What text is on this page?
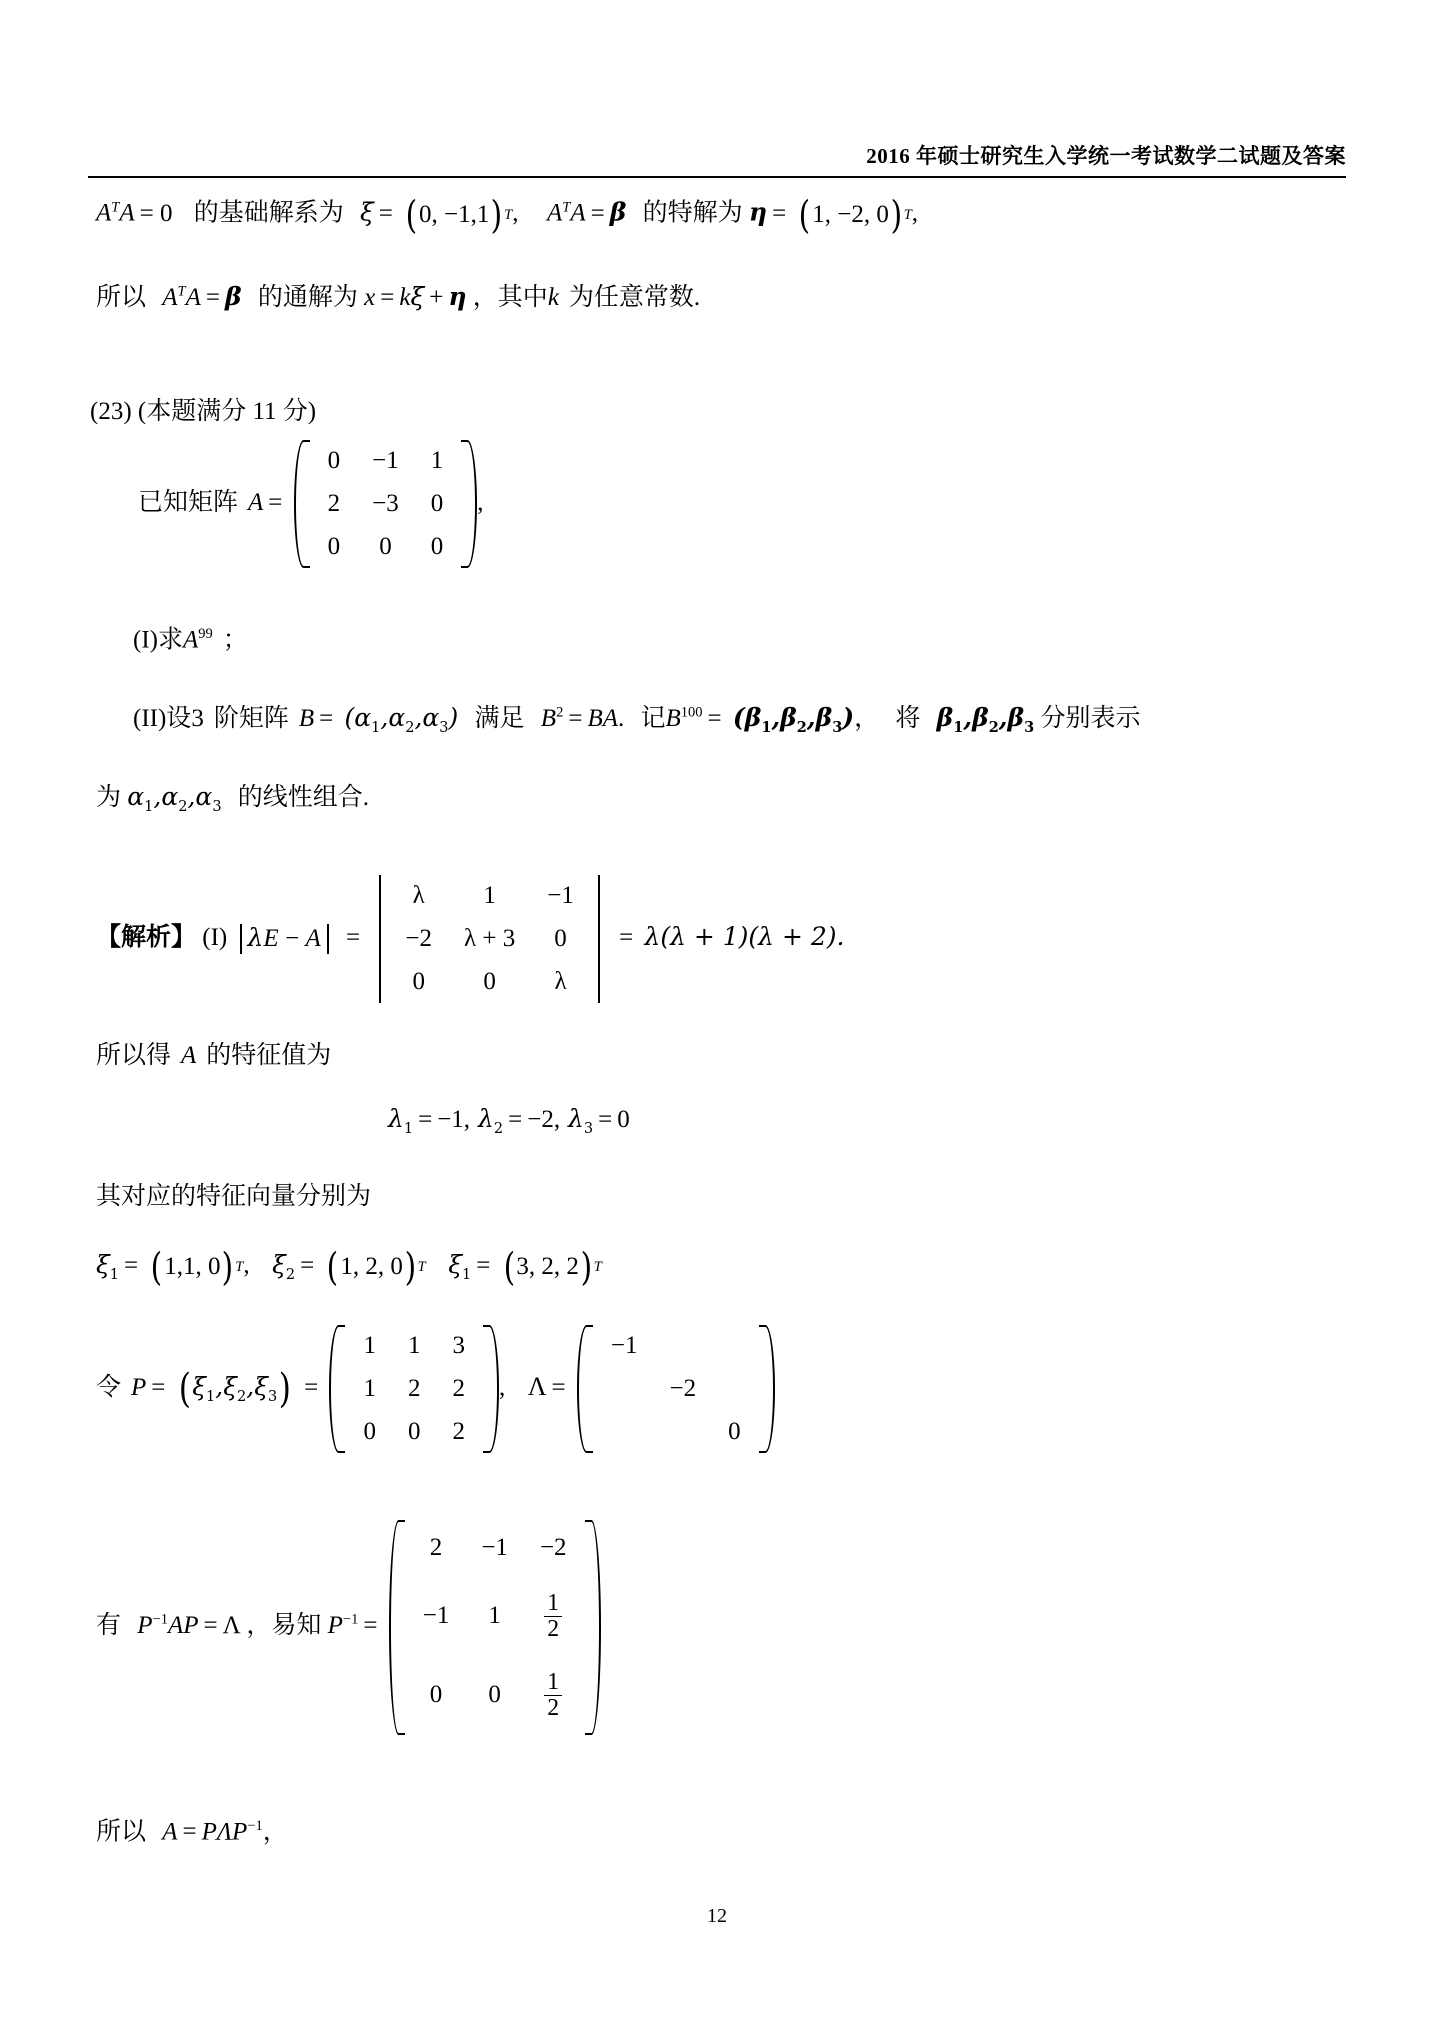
2016 年硕士研究生入学统一考试数学二试题及答案
$A^TA = 0$ 的基础解系为 ξ = ( 0, −1,1 ) T , $A^TA = \beta$ 的特解为 η = ( 1, −2, 0 ) T ,
所以 $A^TA = \beta$ 的通解为 x = kξ + η ，其中k 为任意常数.
(23) (本题满分 11 分)
已知矩阵 A =
0	−1	1
2	−3	0
0	0	0
,
(I)求$A^{99}$ ；
(II)设3 阶矩阵 $B = (\alpha_1,\alpha_2,\alpha_3)$ 满足 $B^2$ = BA. 记$B^{100} = (\beta_1,\beta_2,\beta_3)$， 将 $\beta_1,\beta_2,\beta_3$ 分别表示
为 $\alpha_1,\alpha_2,\alpha_3$ 的线性组合.
【解析】 (I) λE − A =
λ	1	−1
−2	λ + 3	0
0	0	λ
= λ(λ + 1)(λ + 2).
所以得 A 的特征值为
$\lambda_1 = -1$, $\lambda_2 = -2$, $\lambda_3 = 0$
其对应的特征向量分别为
$\xi_1$ = ( 1,1, 0 ) T , $\xi_2$ = ( 1, 2, 0 ) T $\xi_1$ = ( 3, 2, 2 ) T
令 P = ( $\xi_1,\xi_2,\xi_3$ ) =
1	1	3
1	2	2
0	0	2
, Λ =
−1		
	−2	
		0
有 $P^{-1}AP = \Lambda$ ，易知 $P^{-1}$ =
2	−1	−2
−1	1	$\frac{1}{2}$

0	0	$\frac{1}{2}$
所以 $A = P\Lambda P^{-1}$，
12
